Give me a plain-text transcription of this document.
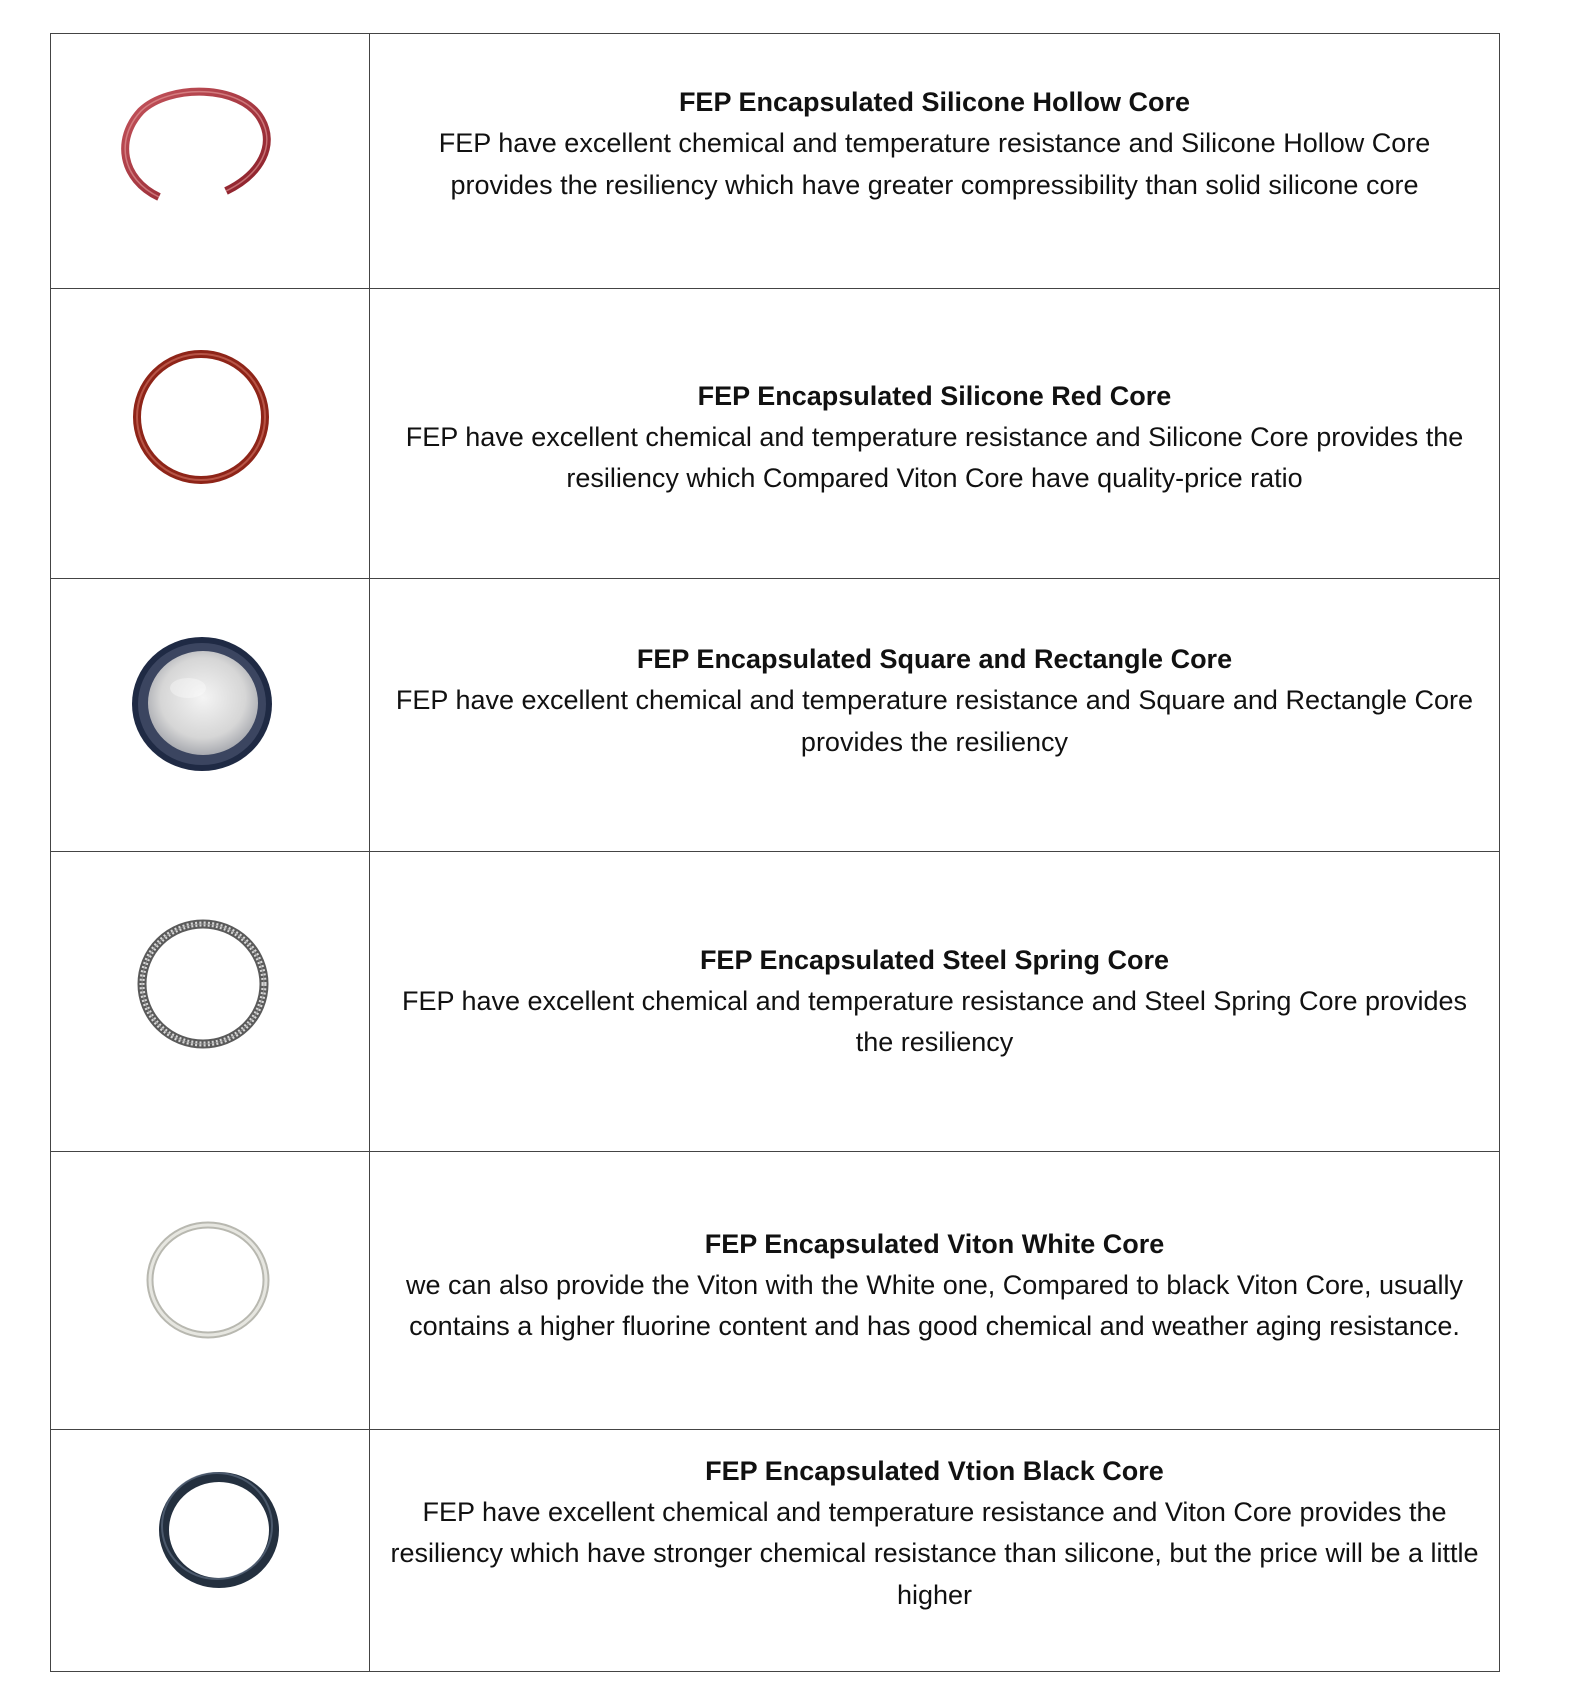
FEP Encapsulated Silicone Hollow Core

FEP have excellent chemical and temperature resistance and Silicone Hollow Core provides the resiliency which have greater compressibility than solid silicone core

FEP Encapsulated Silicone Red Core

FEP have excellent chemical and temperature resistance and Silicone Core provides the resiliency which Compared Viton Core have quality-price ratio

FEP Encapsulated Square and Rectangle Core

FEP have excellent chemical and temperature resistance and Square and Rectangle Core provides the resiliency

FEP Encapsulated Steel Spring Core

FEP have excellent chemical and temperature resistance and Steel Spring Core provides the resiliency

FEP Encapsulated Viton White Core

we can also provide the Viton with the White one, Compared to black Viton Core, usually contains a higher fluorine content and has good chemical and weather aging resistance.

FEP Encapsulated Vtion Black Core

FEP have excellent chemical and temperature resistance and Viton Core provides the resiliency which have stronger chemical resistance than silicone, but the price will be a little higher
